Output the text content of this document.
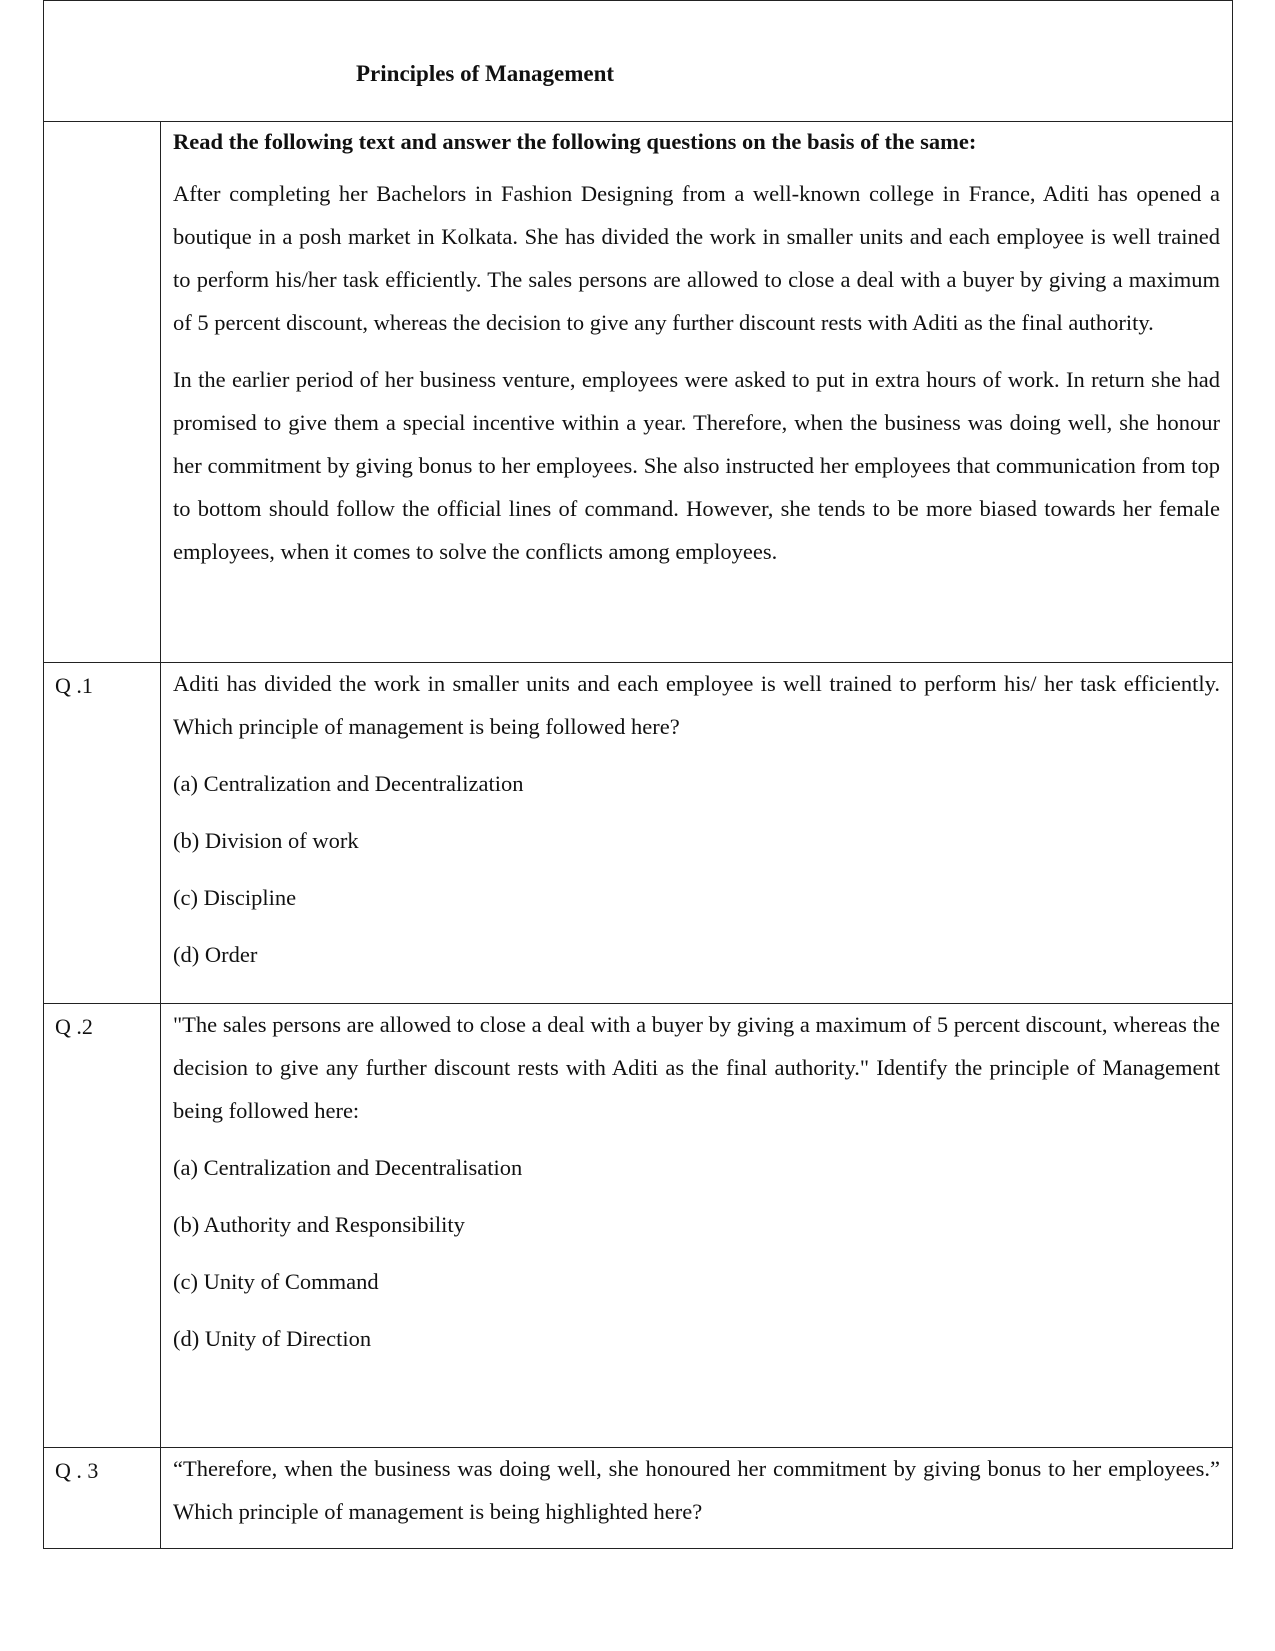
Principles of Management

Read the following text and answer the following questions on the basis of the same:

After completing her Bachelors in Fashion Designing from a well-known college in France, Aditi has opened a boutique in a posh market in Kolkata. She has divided the work in smaller units and each employee is well trained to perform his/her task efficiently. The sales persons are allowed to close a deal with a buyer by giving a maximum of 5 percent discount, whereas the decision to give any further discount rests with Aditi as the final authority.

In the earlier period of her business venture, employees were asked to put in extra hours of work. In return she had promised to give them a special incentive within a year. Therefore, when the business was doing well, she honour her commitment by giving bonus to her employees. She also instructed her employees that communication from top to bottom should follow the official lines of command. However, she tends to be more biased towards her female employees, when it comes to solve the conflicts among employees.

Q .1	Aditi has divided the work in smaller units and each employee is well trained to perform his/ her task efficiently. Which principle of management is being followed here?

(a) Centralization and Decentralization

(b) Division of work

(c) Discipline

(d) Order

Q .2	"The sales persons are allowed to close a deal with a buyer by giving a maximum of 5 percent discount, whereas the decision to give any further discount rests with Aditi as the final authority." Identify the principle of Management being followed here:

(a) Centralization and Decentralisation

(b) Authority and Responsibility

(c) Unity of Command

(d) Unity of Direction

Q . 3	“Therefore, when the business was doing well, she honoured her commitment by giving bonus to her employees.” Which principle of management is being highlighted here?
